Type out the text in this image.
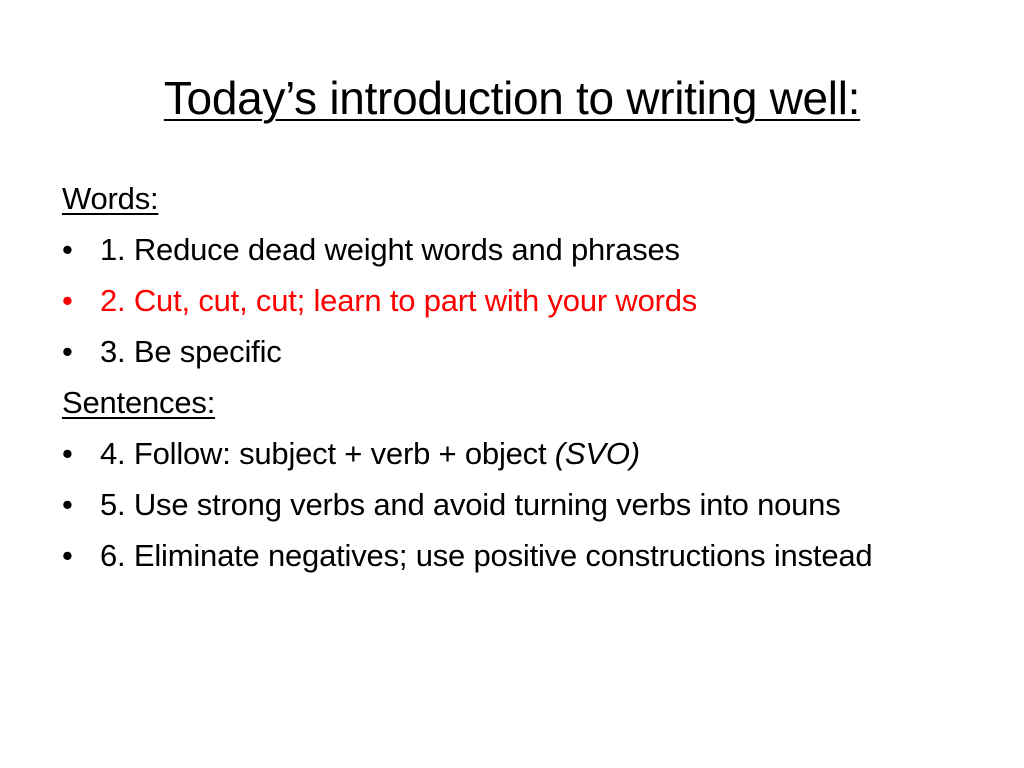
Today’s introduction to writing well:
Words:
• 1. Reduce dead weight words and phrases
• 2. Cut, cut, cut; learn to part with your words
• 3. Be specific
Sentences:
• 4. Follow: subject + verb + object (SVO)
• 5. Use strong verbs and avoid turning verbs into nouns
• 6. Eliminate negatives; use positive constructions instead
